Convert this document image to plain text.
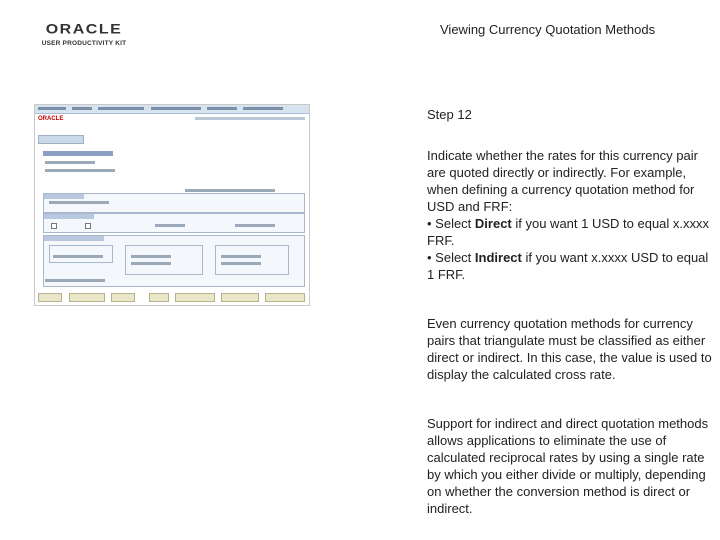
ORACLE
USER PRODUCTIVITY KIT
Viewing Currency Quotation Methods

ORACLE	Step 12
Indicate whether the rates for this currency pair are quoted directly or indirectly. For example, when defining a currency quotation method for USD and FRF:
• Select Direct if you want 1 USD to equal x.xxxx FRF.
• Select Indirect if you want x.xxxx USD to equal 1 FRF.
Even currency quotation methods for currency pairs that triangulate must be classified as either direct or indirect. In this case, the value is used to display the calculated cross rate.
Support for indirect and direct quotation methods allows applications to eliminate the use of calculated reciprocal rates by using a single rate by which you either divide or multiply, depending on whether the conversion method is direct or indirect.
